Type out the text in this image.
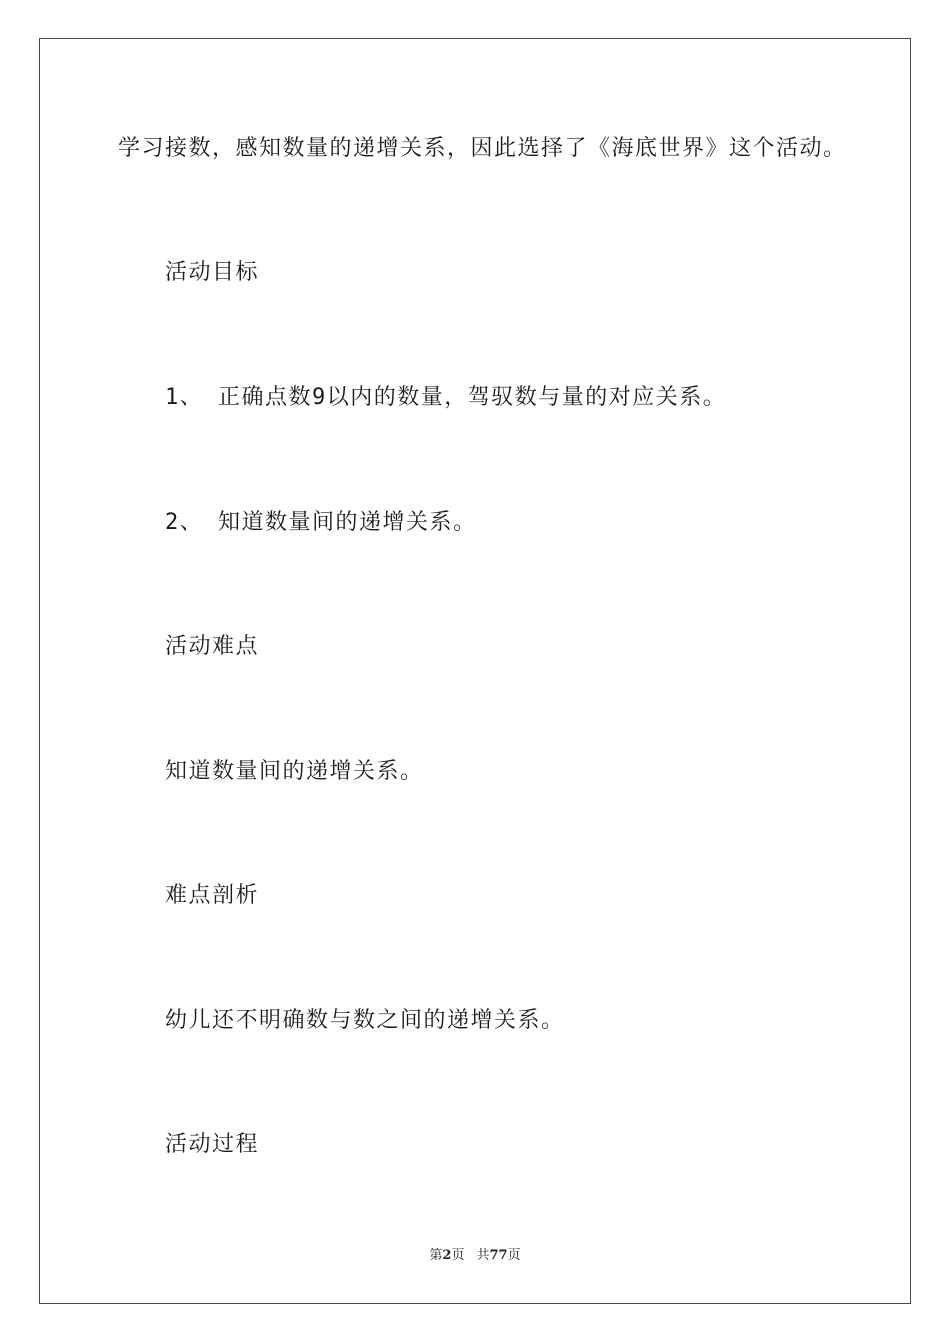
学习接数，感知数量的递增关系，因此选择了《海底世界》这个活动。
活动目标
1、 正确点数9以内的数量，驾驭数与量的对应关系。
2、 知道数量间的递增关系。
活动难点
知道数量间的递增关系。
难点剖析
幼儿还不明确数与数之间的递增关系。
活动过程
第2页 共77页
